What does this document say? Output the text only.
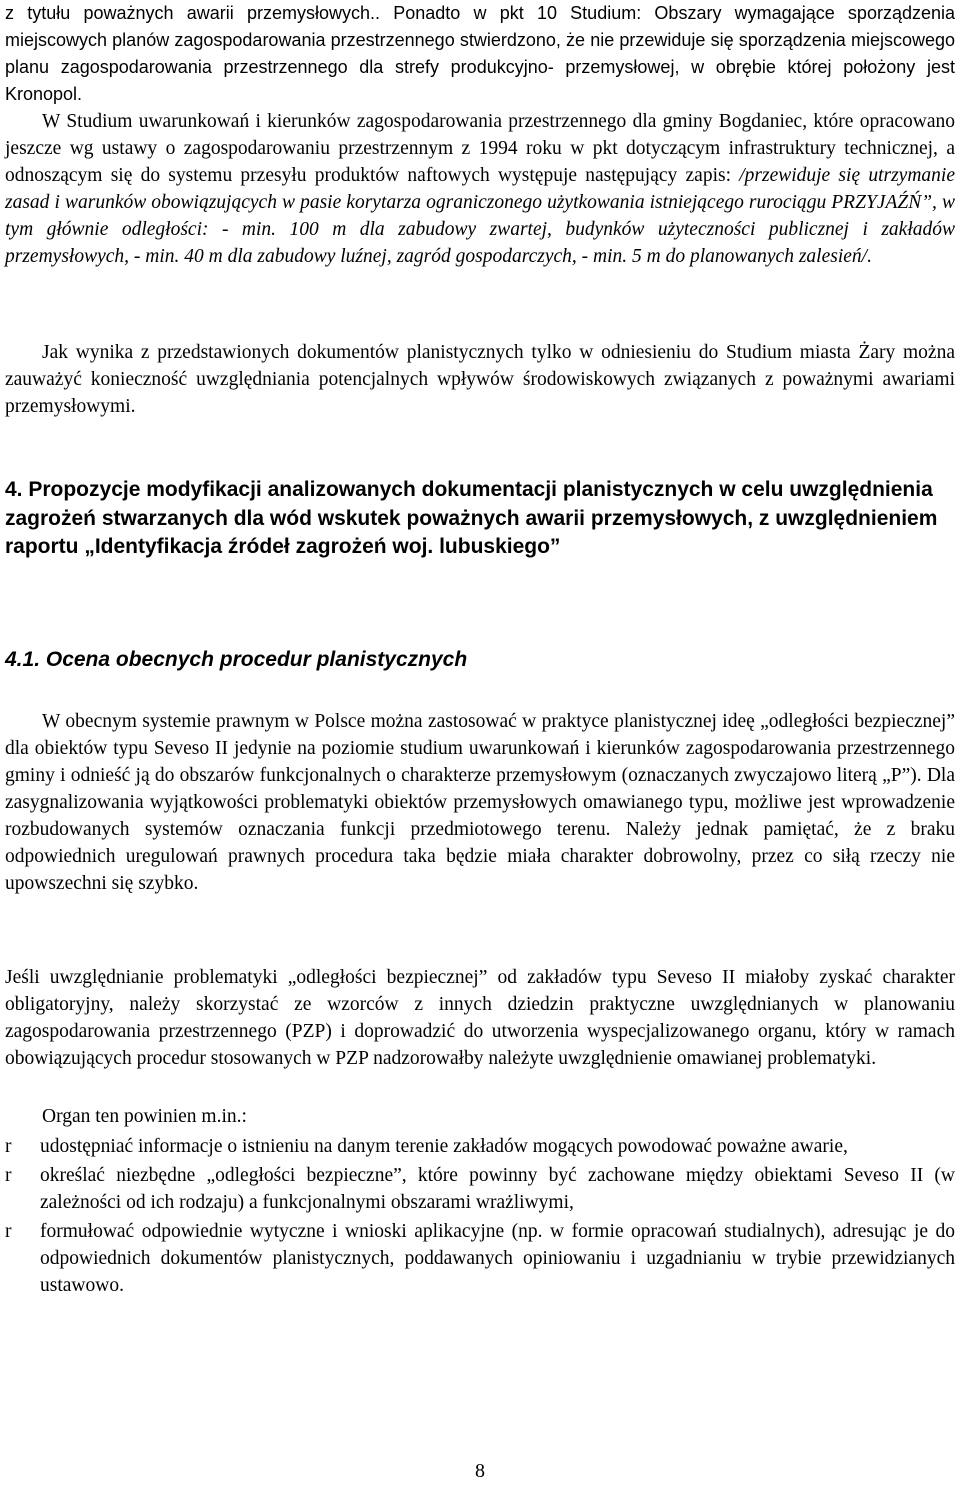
z tytułu poważnych awarii przemysłowych.. Ponadto w pkt 10 Studium: Obszary wymagające sporządzenia miejscowych planów zagospodarowania przestrzennego stwierdzono, że nie przewiduje się sporządzenia miejscowego planu zagospodarowania przestrzennego dla strefy produkcyjno- przemysłowej, w obrębie której położony jest Kronopol.

W Studium uwarunkowań i kierunków zagospodarowania przestrzennego dla gminy Bogdaniec, które opracowano jeszcze wg ustawy o zagospodarowaniu przestrzennym z 1994 roku w pkt dotyczącym infrastruktury technicznej, a odnoszącym się do systemu przesyłu produktów naftowych występuje następujący zapis: /przewiduje się utrzymanie zasad i warunków obowiązujących w pasie korytarza ograniczonego użytkowania istniejącego rurociągu PRZYJAŹŃ”, w tym głównie odległości: - min. 100 m dla zabudowy zwartej, budynków użyteczności publicznej i zakładów przemysłowych, - min. 40 m dla zabudowy luźnej, zagród gospodarczych, - min. 5 m do planowanych zalesień/.

Jak wynika z przedstawionych dokumentów planistycznych tylko w odniesieniu do Studium miasta Żary można zauważyć konieczność uwzględniania potencjalnych wpływów środowiskowych związanych z poważnymi awariami przemysłowymi.

4. Propozycje modyfikacji analizowanych dokumentacji planistycznych w celu uwzględnienia zagrożeń stwarzanych dla wód wskutek poważnych awarii przemysłowych, z uwzględnieniem raportu „Identyfikacja źródeł zagrożeń woj. lubuskiego”
4.1. Ocena obecnych procedur planistycznych

W obecnym systemie prawnym w Polsce można zastosować w praktyce planistycznej ideę „odległości bezpiecznej” dla obiektów typu Seveso II jedynie na poziomie studium uwarunkowań i kierunków zagospodarowania przestrzennego gminy i odnieść ją do obszarów funkcjonalnych o charakterze przemysłowym (oznaczanych zwyczajowo literą „P”). Dla zasygnalizowania wyjątkowości problematyki obiektów przemysłowych omawianego typu, możliwe jest wprowadzenie rozbudowanych systemów oznaczania funkcji przedmiotowego terenu. Należy jednak pamiętać, że z braku odpowiednich uregulowań prawnych procedura taka będzie miała charakter dobrowolny, przez co siłą rzeczy nie upowszechni się szybko.

Jeśli uwzględnianie problematyki „odległości bezpiecznej” od zakładów typu Seveso II miałoby zyskać charakter obligatoryjny, należy skorzystać ze wzorców z innych dziedzin praktyczne uwzględnianych w planowaniu zagospodarowania przestrzennego (PZP) i doprowadzić do utworzenia wyspecjalizowanego organu, który w ramach obowiązujących procedur stosowanych w PZP nadzorowałby należyte uwzględnienie omawianej problematyki.

Organ ten powinien m.in.:

r	udostępniać informacje o istnieniu na danym terenie zakładów mogących powodować poważne awarie,
r	określać niezbędne „odległości bezpieczne”, które powinny być zachowane między obiektami Seveso II (w zależności od ich rodzaju) a funkcjonalnymi obszarami wrażliwymi,
r	formułować odpowiednie wytyczne i wnioski aplikacyjne (np. w formie opracowań studialnych), adresując je do odpowiednich dokumentów planistycznych, poddawanych opiniowaniu i uzgadnianiu w trybie przewidzianych ustawowo.
8
